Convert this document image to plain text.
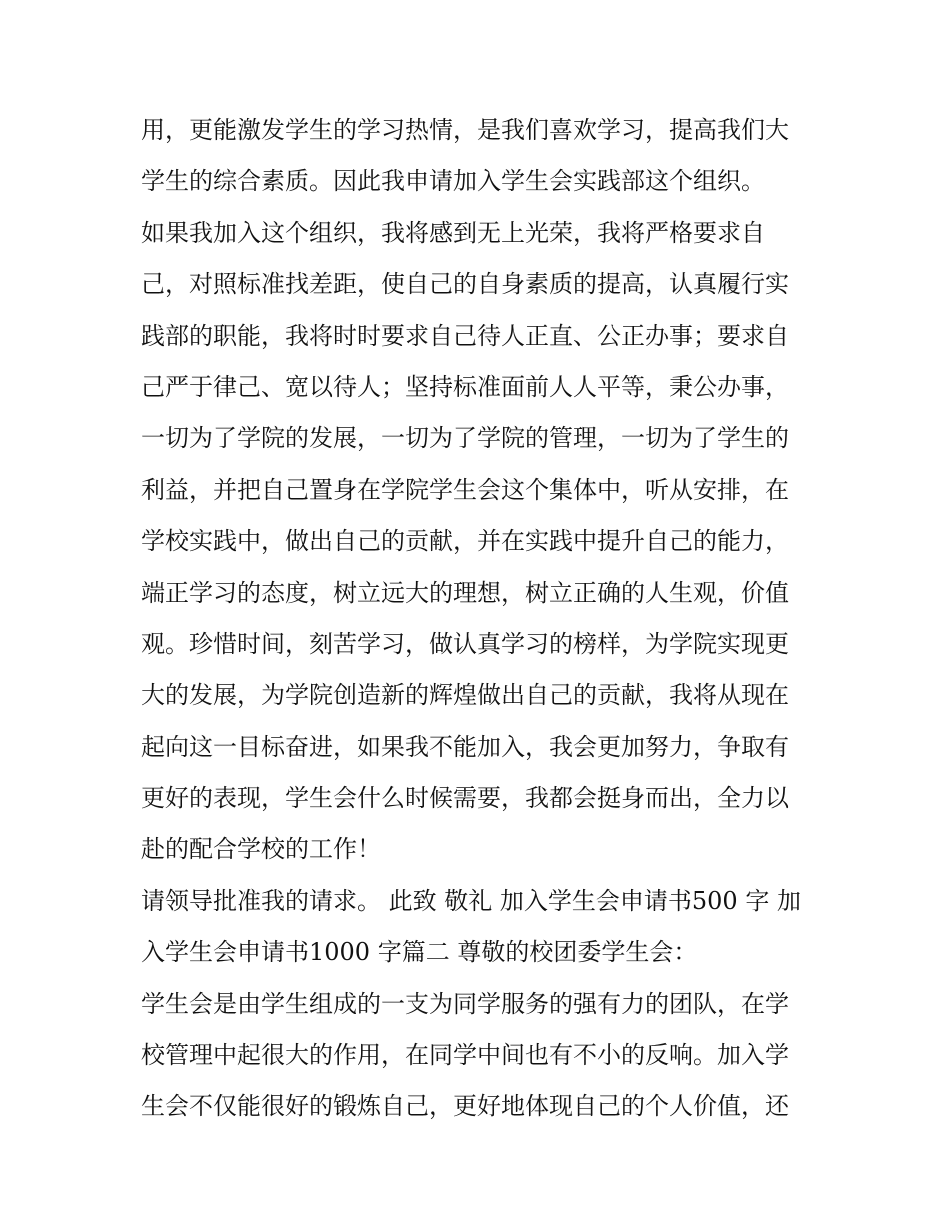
用，更能激发学生的学习热情，是我们喜欢学习，提高我们大
学生的综合素质。因此我申请加入学生会实践部这个组织。
如果我加入这个组织，我将感到无上光荣，我将严格要求自
己，对照标准找差距，使自己的自身素质的提高，认真履行实
践部的职能，我将时时要求自己待人正直、公正办事；要求自
己严于律己、宽以待人；坚持标准面前人人平等，秉公办事，
一切为了学院的发展，一切为了学院的管理，一切为了学生的
利益，并把自己置身在学院学生会这个集体中，听从安排，在
学校实践中，做出自己的贡献，并在实践中提升自己的能力，
端正学习的态度，树立远大的理想，树立正确的人生观，价值
观。珍惜时间，刻苦学习，做认真学习的榜样，为学院实现更
大的发展，为学院创造新的辉煌做出自己的贡献，我将从现在
起向这一目标奋进，如果我不能加入，我会更加努力，争取有
更好的表现，学生会什么时候需要，我都会挺身而出，全力以
赴的配合学校的工作！
请领导批准我的请求。 此致 敬礼 加入学生会申请书500 字 加
入学生会申请书1000 字篇二 尊敬的校团委学生会：
学生会是由学生组成的一支为同学服务的强有力的团队，在学
校管理中起很大的作用，在同学中间也有不小的反响。加入学
生会不仅能很好的锻炼自己，更好地体现自己的个人价值，还
